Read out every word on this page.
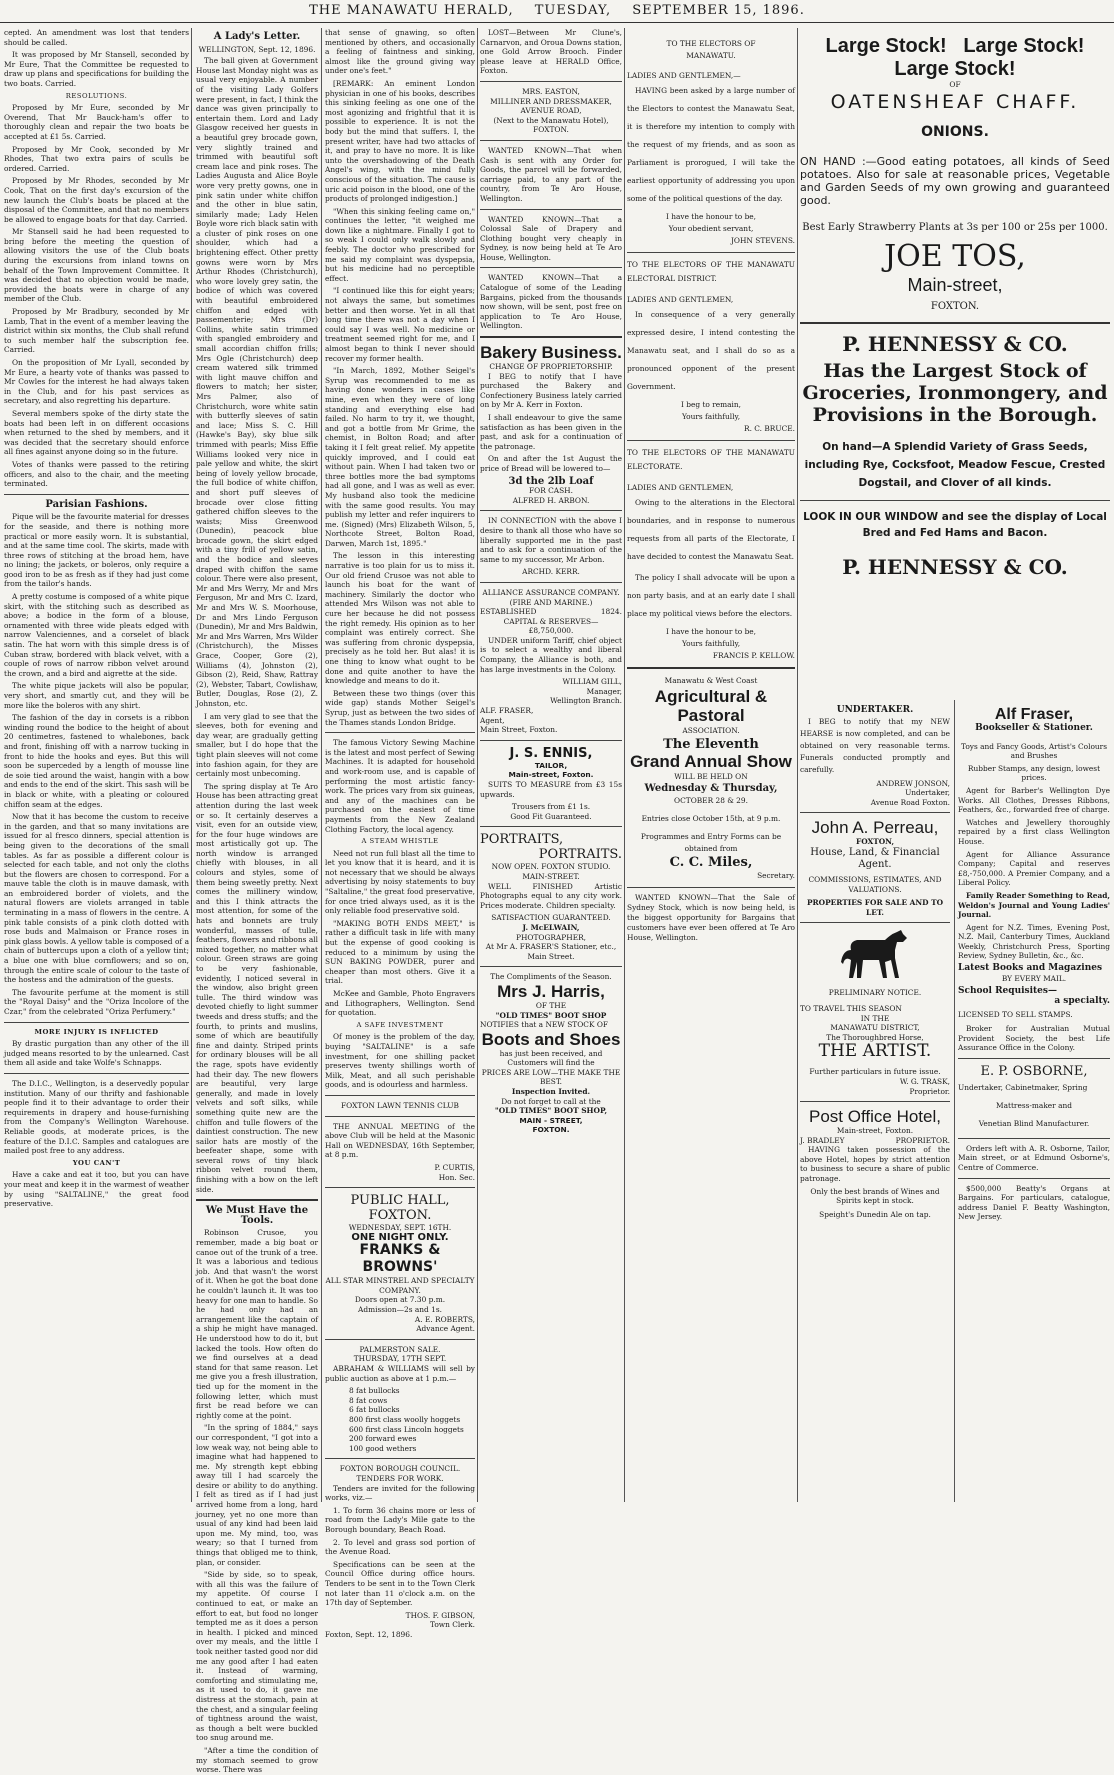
THE MANAWATU HERALD, TUESDAY, SEPTEMBER 15, 1896.

cepted. An amendment was lost that tenders should be called.

It was proposed by Mr Stansell, seconded by Mr Eure, That the Committee be requested to draw up plans and specifications for building the two boats. Carried.

RESOLUTIONS.

Proposed by Mr Eure, seconded by Mr Overend, That Mr Bauck-ham's offer to thoroughly clean and repair the two boats be accepted at £1 5s. Carried.

Proposed by Mr Cook, seconded by Mr Rhodes, That two extra pairs of sculls be ordered. Carried.

Proposed by Mr Rhodes, seconded by Mr Cook, That on the first day's excursion of the new launch the Club's boats be placed at the disposal of the Committee, and that no members be allowed to engage boats for that day. Carried.

Mr Stansell said he had been requested to bring before the meeting the question of allowing visitors the use of the Club boats during the excursions from inland towns on behalf of the Town Improvement Committee. It was decided that no objection would be made, provided the boats were in charge of any member of the Club.

Proposed by Mr Bradbury, seconded by Mr Lamb, That in the event of a member leaving the district within six months, the Club shall refund to such member half the subscription fee. Carried.

On the proposition of Mr Lyall, seconded by Mr Eure, a hearty vote of thanks was passed to Mr Cowles for the interest he had always taken in the Club, and for his past services as secretary, and also regretting his departure.

Several members spoke of the dirty state the boats had been left in on different occasions when returned to the shed by members, and it was decided that the secretary should enforce all fines against anyone doing so in the future.

Votes of thanks were passed to the retiring officers, and also to the chair, and the meeting terminated.

Parisian Fashions.

Pique will be the favourite material for dresses for the seaside, and there is nothing more practical or more easily worn. It is substantial, and at the same time cool. The skirts, made with three rows of stitching at the broad hem, have no lining; the jackets, or boleros, only require a good iron to be as fresh as if they had just come from the tailor's hands.

A pretty costume is composed of a white pique skirt, with the stitching such as described as above; a bodice in the form of a blouse, ornamented with three wide pleats edged with narrow Valenciennes, and a corselet of black satin. The hat worn with this simple dress is of Cuban straw, bordered with black velvet, with a couple of rows of narrow ribbon velvet around the crown, and a bird and aigrette at the side.

The white pique jackets will also be popular, very short, and smartly cut, and they will be more like the boleros with any shirt.

The fashion of the day in corsets is a ribbon winding round the bodice to the height of about 20 centimetres, fastened to whalebones, back and front, finishing off with a narrow tucking in front to hide the hooks and eyes. But this will soon be superceded by a length of mousse line de soie tied around the waist, hangin with a bow and ends to the end of the skirt. This sash will be in black or white, with a pleating or coloured chiffon seam at the edges.

Now that it has become the custom to receive in the garden, and that so many invitations are issued for al fresco dinners, special attention is being given to the decorations of the small tables. As far as possible a different colour is selected for each table, and not only the cloths but the flowers are chosen to correspond. For a mauve table the cloth is in mauve damask, with an embroidered border of violets, and the natural flowers are violets arranged in table terminating in a mass of flowers in the centre. A pink table consists of a pink cloth dotted with rose buds and Malmaison or France roses in pink glass bowls. A yellow table is composed of a chain of buttercups upon a cloth of a yellow tint; a blue one with blue cornflowers; and so on, through the entire scale of colour to the taste of the hostess and the admiration of the guests.

The favourite perfume at the moment is still the "Royal Daisy" and the "Oriza Incolore of the Czar," from the celebrated "Oriza Perfumery."

MORE INJURY IS INFLICTED

By drastic purgation than any other of the ill judged means resorted to by the unlearned. Cast them all aside and take Wolfe's Schnapps.

The D.I.C., Wellington, is a deservedly popular institution. Many of our thrifty and fashionable people find it to their advantage to order their requirements in drapery and house-furnishing from the Company's Wellington Warehouse. Reliable goods, at moderate prices, is the feature of the D.I.C. Samples and catalogues are mailed post free to any address.

YOU CAN'T

Have a cake and eat it too, but you can have your meat and keep it in the warmest of weather by using "SALTALINE," the great food preservative.

A Lady's Letter.
WELLINGTON, Sept. 12, 1896.

The ball given at Government House last Monday night was as usual very enjoyable. A number of the visiting Lady Golfers were present, in fact, I think the dance was given principally to entertain them. Lord and Lady Glasgow received her guests in a beautiful grey brocade gown, very slightly trained and trimmed with beautiful soft cream lace and pink roses. The Ladies Augusta and Alice Boyle wore very pretty gowns, one in pink satin under white chiffon and the other in blue satin, similarly made; Lady Helen Boyle wore rich black satin with a cluster of pink roses on one shoulder, which had a brightening effect. Other pretty gowns were worn by Mrs Arthur Rhodes (Christchurch), who wore lovely grey satin, the bodice of which was covered with beautiful embroidered chiffon and edged with passementerie; Mrs (Dr) Collins, white satin trimmed with spangled embroidery and small accordian chiffon frills; Mrs Ogle (Christchurch) deep cream watered silk trimmed with light mauve chiffon and flowers to match; her sister, Mrs Palmer, also of Christchurch, wore white satin with butterfly sleeves of satin and lace; Miss S. C. Hill (Hawke's Bay), sky blue silk trimmed with pearls; Miss Effie Williams looked very nice in pale yellow and white, the skirt being of lovely yellow brocade, the full bodice of white chiffon, and short puff sleeves of brocade over close fitting gathered chiffon sleeves to the waists; Miss Greenwood (Dunedin), peacock blue brocade gown, the skirt edged with a tiny frill of yellow satin, and the bodice and sleeves draped with chiffon the same colour. There were also present, Mr and Mrs Werry, Mr and Mrs Ferguson, Mr and Mrs C. Izard, Mr and Mrs W. S. Moorhouse, Dr and Mrs Lindo Ferguson (Dunedin), Mr and Mrs Baldwin, Mr and Mrs Warren, Mrs Wilder (Christchurch), the Misses Grace, Cooper, Gore (2), Williams (4), Johnston (2), Gibson (2), Reid, Shaw, Rattray (2), Webster, Tabart, Cowlishaw, Butler, Douglas, Rose (2), Z. Johnston, etc.

I am very glad to see that the sleeves, both for evening and day wear, are gradually getting smaller, but I do hope that the tight plain sleeves will not come into fashion again, for they are certainly most unbecoming.

The spring display at Te Aro House has been attracting great attention during the last week or so. It certainly deserves a visit, even for an outside view, for the four huge windows are most artistically got up. The north window is arranged chiefly with blouses, in all colours and styles, some of them being sweetly pretty. Next comes the millinery window, and this I think attracts the most attention, for some of the hats and bonnets are truly wonderful, masses of tulle, feathers, flowers and ribbons all mixed together, no matter what colour. Green straws are going to be very fashionable, evidently, I noticed several in the window, also bright green tulle. The third window was devoted chiefly to light summer tweeds and dress stuffs; and the fourth, to prints and muslins, some of which are beautifully fine and dainty. Striped prints for ordinary blouses will be all the rage, spots have evidently had their day. The new flowers are beautiful, very large generally, and made in lovely velvets and soft silks, while something quite new are the chiffon and tulle flowers of the daintiest construction. The new sailor hats are mostly of the beefeater shape, some with several rows of tiny black ribbon velvet round them, finishing with a bow on the left side.

We Must Have the Tools.

Robinson Crusoe, you remember, made a big boat or canoe out of the trunk of a tree. It was a laborious and tedious job. And that wasn't the worst of it. When he got the boat done he couldn't launch it. It was too heavy for one man to handle. So he had only had an arrangement like the captain of a ship he might have managed. He understood how to do it, but lacked the tools. How often do we find ourselves at a dead stand for that same reason. Let me give you a fresh illustration, tied up for the moment in the following letter, which must first be read before we can rightly come at the point.

"In the spring of 1884," says our correspondent, "I got into a low weak way, not being able to imagine what had happened to me. My strength kept ebbing away till I had scarcely the desire or ability to do anything. I felt as tired as if I had just arrived home from a long, hard journey, yet no one more than usual of any kind had been laid upon me. My mind, too, was weary; so that I turned from things that obliged me to think, plan, or consider.

"Side by side, so to speak, with all this was the failure of my appetite. Of course I continued to eat, or make an effort to eat, but food no longer tempted me as it does a person in health. I picked and minced over my meals, and the little I took neither tasted good nor did me any good after I had eaten it. Instead of warming, comforting and stimulating me, as it used to do, it gave me distress at the stomach, pain at the chest, and a singular feeling of tightness around the waist, as though a belt were buckled too snug around me.

"After a time the condition of my stomach seemed to grow worse. There was

that sense of gnawing, so often mentioned by others, and occasionally a feeling of faintness and sinking, almost like the ground giving way under one's feet."

[REMARK: An eminent London physician in one of his books, describes this sinking feeling as one one of the most agonizing and frightful that it is possible to experience. It is not the body but the mind that suffers. I, the present writer, have had two attacks of it, and pray to have no more. It is like unto the overshadowing of the Death Angel's wing, with the mind fully conscious of the situation. The cause is uric acid poison in the blood, one of the products of prolonged indigestion.]

"When this sinking feeling came on," continues the letter, "it weighed me down like a nightmare. Finally I got to so weak I could only walk slowly and feebly. The doctor who prescribed for me said my complaint was dyspepsia, but his medicine had no perceptible effect.

"I continued like this for eight years; not always the same, but sometimes better and then worse. Yet in all that long time there was not a day when I could say I was well. No medicine or treatment seemed right for me, and I almost began to think I never should recover my former health.

"In March, 1892, Mother Seigel's Syrup was recommended to me as having done wonders in cases like mine, even when they were of long standing and everything else had failed. No harm to try it, we thought, and got a bottle from Mr Grime, the chemist, in Bolton Road; and after taking it I felt great relief. My appetite quickly improved, and I could eat without pain. When I had taken two or three bottles more the bad symptoms had all gone, and I was as well as ever. My husband also took the medicine with the same good results. You may publish my letter and refer inquirers to me. (Signed) (Mrs) Elizabeth Wilson, 5, Northcote Street, Bolton Road, Darwen, March 1st, 1895."

The lesson in this interesting narrative is too plain for us to miss it. Our old friend Crusoe was not able to launch his boat for the want of machinery. Similarly the doctor who attended Mrs Wilson was not able to cure her because he did not possess the right remedy. His opinion as to her complaint was entirely correct. She was suffering from chronic dyspepsia, precisely as he told her. But alas! it is one thing to know what ought to be done and quite another to have the knowledge and means to do it.

Between these two things (over this wide gap) stands Mother Seigel's Syrup, just as between the two sides of the Thames stands London Bridge.

The famous Victory Sewing Machine is the latest and most perfect of Sewing Machines. It is adapted for household and work-room use, and is capable of performing the most artistic fancy-work. The prices vary from six guineas, and any of the machines can be purchased on the easiest of time payments from the New Zealand Clothing Factory, the local agency.

A STEAM WHISTLE

Need not run full blast all the time to let you know that it is heard, and it is not necessary that we should be always advertising by noisy statements to buy "Saltaline," the great food preservative, for once tried always used, as it is the only reliable food preservative sold.

"MAKING BOTH ENDS MEET," is rather a difficult task in life with many but the expense of good cooking is reduced to a minimum by using the SUN BAKING POWDER, purer and cheaper than most others. Give it a trial.

McKee and Gamble, Photo Engravers and Lithographers, Wellington. Send for quotation.

A SAFE INVESTMENT

Of money is the problem of the day, buying "SALTALINE" is a safe investment, for one shilling packet preserves twenty shillings worth of Milk, Meat, and all such perishable goods, and is odourless and harmless.

FOXTON LAWN TENNIS CLUB

THE ANNUAL MEETING of the above Club will be held at the Masonic Hall on WEDNESDAY, 16th September, at 8 p.m.

P. CURTIS,
Hon. Sec.
PUBLIC HALL, FOXTON.
WEDNESDAY, SEPT. 16TH.
ONE NIGHT ONLY.
FRANKS & BROWNS'
ALL STAR MINSTREL AND SPECIALTY COMPANY.
Doors open at 7.30 p.m.
Admission—2s and 1s.
A. E. ROBERTS,
Advance Agent.
PALMERSTON SALE.
THURSDAY, 17TH SEPT.

ABRAHAM & WILLIAMS will sell by public auction as above at 1 p.m.—

8 fat bullocks
8 fat cows
6 fat bullocks
800 first class woolly hoggets
600 first class Lincoln hoggets
200 forward ewes
100 good wethers
FOXTON BOROUGH COUNCIL.
TENDERS FOR WORK.

Tenders are invited for the following works, viz.—

1. To form 36 chains more or less of road from the Lady's Mile gate to the Borough boundary, Beach Road.

2. To level and grass sod portion of the Avenue Road.

Specifications can be seen at the Council Office during office hours. Tenders to be sent in to the Town Clerk not later than 11 o'clock a.m. on the 17th day of September.

THOS. F. GIBSON,
Town Clerk.
Foxton, Sept. 12, 1896.

LOST—Between Mr Clune's, Carnarvon, and Oroua Downs station, one Gold Arrow Brooch. Finder please leave at HERALD Office, Foxton.

MRS. EASTON,
MILLINER AND DRESSMAKER,
AVENUE ROAD,
(Next to the Manawatu Hotel),
FOXTON.

WANTED KNOWN—That when Cash is sent with any Order for Goods, the parcel will be forwarded, carriage paid, to any part of the country, from Te Aro House, Wellington.

WANTED KNOWN—That a Colossal Sale of Drapery and Clothing bought very cheaply in Sydney, is now being held at Te Aro House, Wellington.

WANTED KNOWN—That a Catalogue of some of the Leading Bargains, picked from the thousands now shown, will be sent, post free on application to Te Aro House, Wellington.

Bakery Business.
CHANGE OF PROPRIETORSHIP.

I BEG to notify that I have purchased the Bakery and Confectionery Business lately carried on by Mr A. Kerr in Foxton.

I shall endeavour to give the same satisfaction as has been given in the past, and ask for a continuation of the patronage.

On and after the 1st August the price of Bread will be lowered to—

3d the 2lb Loaf
FOR CASH.
ALFRED H. ARBON.

IN CONNECTION with the above I desire to thank all those who have so liberally supported me in the past and to ask for a continuation of the same to my successor, Mr Arbon.

ARCHD. KERR.
ALLIANCE ASSURANCE COMPANY.
(FIRE AND MARINE.)
ESTABLISHED	1824.
CAPITAL & RESERVES—
£8,750,000.

UNDER uniform Tariff, chief object is to select a wealthy and liberal Company, the Alliance is both, and has large investments in the Colony.

WILLIAM GILL,
Manager,
Wellington Branch.
ALF. FRASER,
Agent,
Main Street, Foxton.
J. S. ENNIS,
TAILOR,
Main-street, Foxton.

SUITS TO MEASURE from £3 15s upwards.

Trousers from £1 1s.
Good Fit Guaranteed.
PORTRAITS,
PORTRAITS.
NOW OPEN. FOXTON STUDIO.
MAIN-STREET.

WELL FINISHED Artistic Photographs equal to any city work. Prices moderate. Children specialty.

SATISFACTION GUARANTEED.
J. McELWAIN,
PHOTOGRAPHER,
At Mr A. FRASER'S Stationer, etc., Main Street.
The Compliments of the Season.
Mrs J. Harris,
OF THE
"OLD TIMES" BOOT SHOP
NOTIFIES that a NEW STOCK OF
Boots and Shoes
has just been received, and Customers will find the
PRICES ARE LOW—THE MAKE THE BEST.
Inspection Invited.
Do not forget to call at the
"OLD TIMES" BOOT SHOP,
MAIN - STREET,
FOXTON.
TO THE ELECTORS OF
MANAWATU.
LADIES AND GENTLEMEN,—

HAVING been asked by a large number of the Electors to contest the Manawatu Seat, it is therefore my intention to comply with the request of my friends, and as soon as Parliament is prorogued, I will take the earliest opportunity of addressing you upon some of the political questions of the day.

I have the honour to be,
Your obedient servant,
JOHN STEVENS.
TO THE ELECTORS OF THE MANAWATU ELECTORAL DISTRICT.
LADIES AND GENTLEMEN,

In consequence of a very generally expressed desire, I intend contesting the Manawatu seat, and I shall do so as a pronounced opponent of the present Government.

I beg to remain,
Yours faithfully,
R. C. BRUCE.
TO THE ELECTORS OF THE MANAWATU ELECTORATE.
LADIES AND GENTLEMEN,

Owing to the alterations in the Electoral boundaries, and in response to numerous requests from all parts of the Electorate, I have decided to contest the Manawatu Seat.

The policy I shall advocate will be upon a non party basis, and at an early date I shall place my political views before the electors.

I have the honour to be,
Yours faithfully,
FRANCIS P. KELLOW.
Manawatu & West Coast
Agricultural & Pastoral
ASSOCIATION.
The Eleventh
Grand Annual Show
WILL BE HELD ON
Wednesday & Thursday,
OCTOBER 28 & 29.
Entries close October 15th, at 9 p.m.
Programmes and Entry Forms can be obtained from
C. C. Miles,
Secretary.

WANTED KNOWN—That the Sale of Sydney Stock, which is now being held, is the biggest opportunity for Bargains that customers have ever been offered at Te Aro House, Wellington.

Large Stock! Large Stock!
Large Stock!
OF
OATENSHEAF CHAFF.
ONIONS.

ON HAND :—Good eating potatoes, all kinds of Seed potatoes. Also for sale at reasonable prices, Vegetable and Garden Seeds of my own growing and guaranteed good.

Best Early Strawberry Plants at 3s per 100 or 25s per 1000.

JOE TOS,
Main-street,
FOXTON.
P. HENNESSY & CO.
Has the Largest Stock of Groceries, Ironmongery, and Provisions in the Borough.
On hand—A Splendid Variety of Grass Seeds, including Rye, Cocksfoot, Meadow Fescue, Crested Dogstail, and Clover of all kinds.
LOOK IN OUR WINDOW and see the display of Local Bred and Fed Hams and Bacon.
P. HENNESSY & CO.
UNDERTAKER.

I BEG to notify that my NEW HEARSE is now completed, and can be obtained on very reasonable terms. Funerals conducted promptly and carefully.

ANDREW JONSON,
Undertaker,
Avenue Road Foxton.
John A. Perreau,
FOXTON,
House, Land, & Financial Agent.
COMMISSIONS, ESTIMATES, AND VALUATIONS.
PROPERTIES FOR SALE AND TO LET.
PRELIMINARY NOTICE.
TO TRAVEL THIS SEASON
IN THE
MANAWATU DISTRICT,
The Thoroughbred Horse,
THE ARTIST.
Further particulars in future issue.
W. G. TRASK,
Proprietor.
Post Office Hotel,
Main-street, Foxton.
J. BRADLEY	PROPRIETOR.

HAVING taken possession of the above Hotel, hopes by strict attention to business to secure a share of public patronage.

Only the best brands of Wines and Spirits kept in stock.
Speight's Dunedin Ale on tap.
Alf Fraser,
Bookseller & Stationer.

Toys and Fancy Goods, Artist's Colours and Brushes

Rubber Stamps, any design, lowest prices.

Agent for Barber's Wellington Dye Works. All Clothes, Dresses Ribbons, Feathers, &c., forwarded free of charge.

Watches and Jewellery thoroughly repaired by a first class Wellington House.

Agent for Alliance Assurance Company; Capital and reserves £8,-750,000. A Premier Company, and a Liberal Policy.

Family Reader Something to Read, Weldon's Journal and Young Ladies' Journal.

Agent for N.Z. Times, Evening Post, N.Z. Mail, Canterbury Times, Auckland Weekly, Christchurch Press, Sporting Review, Sydney Bulletin, &c., &c.

Latest Books and Magazines
BY EVERY MAIL.
School Requisites—
a specialty.
LICENSED TO SELL STAMPS.

Broker for Australian Mutual Provident Society, the best Life Assurance Office in the Colony.

E. P. OSBORNE,
Undertaker, Cabinetmaker, Spring
Mattress-maker and
Venetian Blind Manufacturer.

Orders left with A. R. Osborne, Tailor, Main street, or at Edmund Osborne's, Centre of Commerce.

$500,000 Beatty's Organs at Bargains. For particulars, catalogue, address Daniel F. Beatty Washington, New Jersey.
